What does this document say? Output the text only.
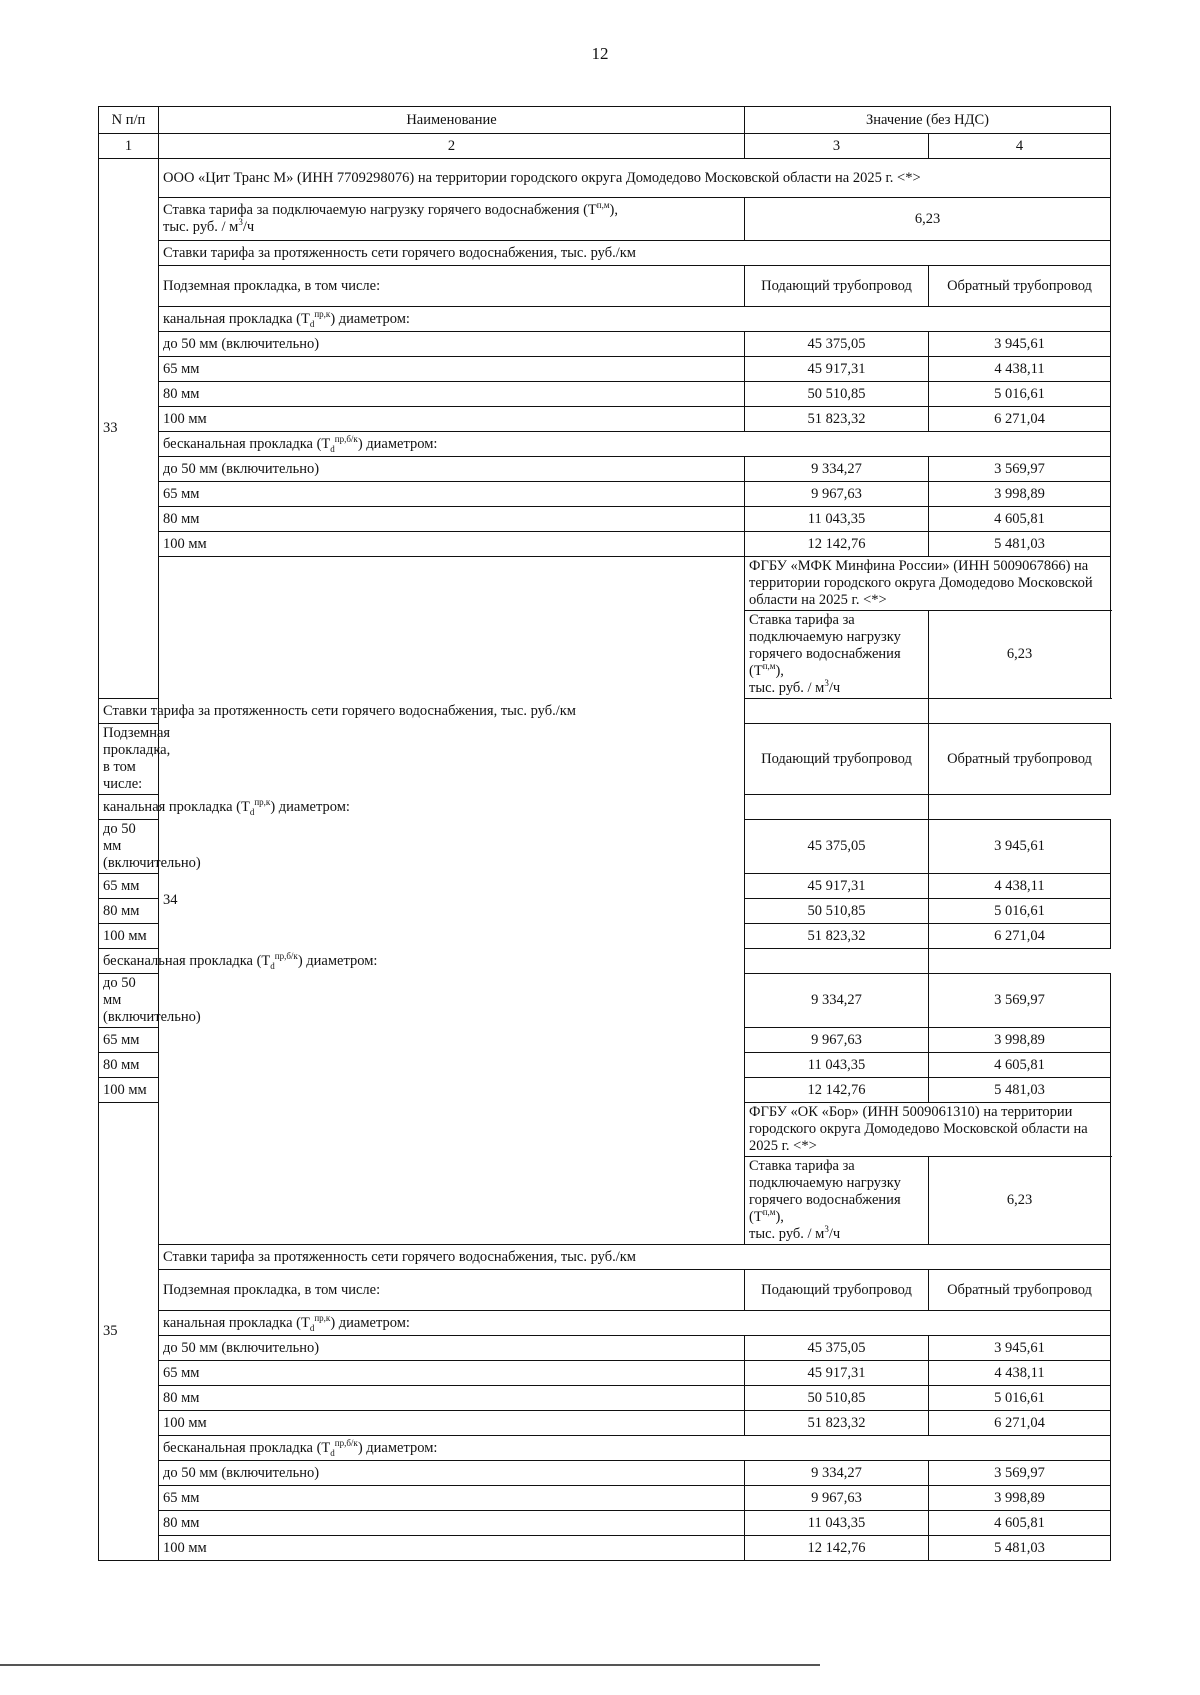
12
N п/п	Наименование	Значение (без НДС)	
1	2	3	4
33	ООО «Цит Транс М» (ИНН 7709298076) на территории городского округа Домодедово Московской области на 2025 г. <*>		
	Ставка тарифа за подключаемую нагрузку горячего водоснабжения $(Т^{п,м})$,
тыс. руб. / $м^3/ч$	6,23	
	Ставки тарифа за протяженность сети горячего водоснабжения, тыс. руб./км		
	Подземная прокладка, в том числе:	Подающий трубопровод	Обратный трубопровод
	канальная прокладка $(Т_d^{пр,к})$ диаметром:		
	до 50 мм (включительно)	45 375,05	3 945,61
	65 мм	45 917,31	4 438,11
	80 мм	50 510,85	5 016,61
	100 мм	51 823,32	6 271,04
	бесканальная прокладка $(Т_d^{пр,б/к})$ диаметром:		
	до 50 мм (включительно)	9 334,27	3 569,97
	65 мм	9 967,63	3 998,89
	80 мм	11 043,35	4 605,81
	100 мм	12 142,76	5 481,03
	34	ФГБУ «МФК Минфина России» (ИНН 5009067866) на территории городского округа Домодедово Московской области на 2025 г. <*>	
		Ставка тарифа за подключаемую нагрузку горячего водоснабжения $(Т^{п,м})$,
тыс. руб. / $м^3/ч$	6,23
Ставки тарифа за протяженность сети горячего водоснабжения, тыс. руб./км			
Подземная прокладка, в том числе:		Подающий трубопровод	Обратный трубопровод
канальная прокладка $(Т_d^{пр,к})$ диаметром:			
до 50 мм (включительно)		45 375,05	3 945,61
65 мм		45 917,31	4 438,11
80 мм		50 510,85	5 016,61
100 мм		51 823,32	6 271,04
бесканальная прокладка $(Т_d^{пр,б/к})$ диаметром:			
до 50 мм (включительно)		9 334,27	3 569,97
65 мм		9 967,63	3 998,89
80 мм		11 043,35	4 605,81
100 мм		12 142,76	5 481,03
35		ФГБУ «ОК «Бор» (ИНН 5009061310) на территории городского округа Домодедово Московской области на 2025 г. <*>	
		Ставка тарифа за подключаемую нагрузку горячего водоснабжения $(Т^{п,м})$,
тыс. руб. / $м^3/ч$	6,23
	Ставки тарифа за протяженность сети горячего водоснабжения, тыс. руб./км		
	Подземная прокладка, в том числе:	Подающий трубопровод	Обратный трубопровод
	канальная прокладка $(Т_d^{пр,к})$ диаметром:		
	до 50 мм (включительно)	45 375,05	3 945,61
	65 мм	45 917,31	4 438,11
	80 мм	50 510,85	5 016,61
	100 мм	51 823,32	6 271,04
	бесканальная прокладка $(Т_d^{пр,б/к})$ диаметром:		
	до 50 мм (включительно)	9 334,27	3 569,97
	65 мм	9 967,63	3 998,89
	80 мм	11 043,35	4 605,81
	100 мм	12 142,76	5 481,03
